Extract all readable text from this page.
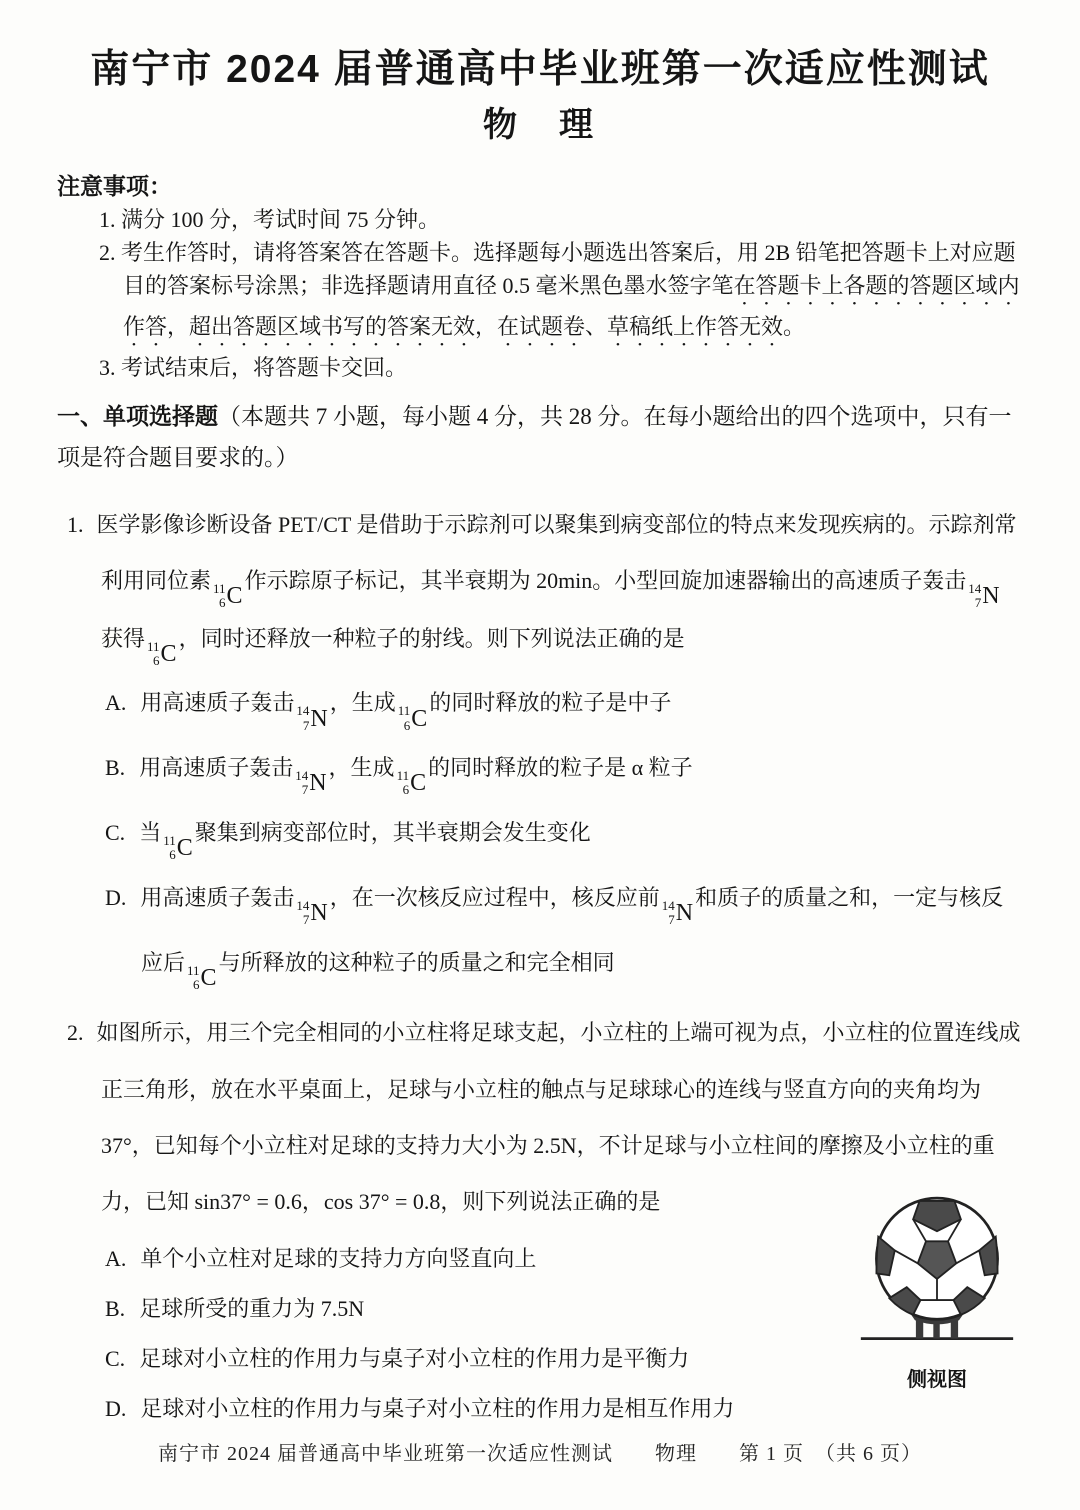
南宁市 2024 届普通高中毕业班第一次适应性测试
物　理
注意事项：
1. 满分 100 分，考试时间 75 分钟。
2. 考生作答时，请将答案答在答题卡。选择题每小题选出答案后，用 2B 铅笔把答题卡上对应题目的答案标号涂黑；非选择题请用直径 0.5 毫米黑色墨水签字笔在答题卡上各题的答题区域内作答，超出答题区域书写的答案无效，在试题卷、草稿纸上作答无效。
3. 考试结束后，将答题卡交回。
一、单项选择题（本题共 7 小题，每小题 4 分，共 28 分。在每小题给出的四个选项中，只有一项是符合题目要求的。）
1. 医学影像诊断设备 PET/CT 是借助于示踪剂可以聚集到病变部位的特点来发现疾病的。示踪剂常利用同位素 11
6 C
作示踪原子标记，其半衰期为 20min。小型回旋加速器输出的高速质子轰击 14
7 N
获得 11
6 C
，同时还释放一种粒子的射线。则下列说法正确的是
A. 用高速质子轰击 14
7 N
，生成 11
6 C
的同时释放的粒子是中子
B. 用高速质子轰击 14
7 N
，生成 11
6 C
的同时释放的粒子是 α 粒子
C. 当 11
6 C
聚集到病变部位时，其半衰期会发生变化
D. 用高速质子轰击 14
7 N
，在一次核反应过程中，核反应前 14
7 N
和质子的质量之和，一定与核反应后 11
6 C
与所释放的这种粒子的质量之和完全相同
2. 如图所示，用三个完全相同的小立柱将足球支起，小立柱的上端可视为点，小立柱的位置连线成正三角形，放在水平桌面上，足球与小立柱的触点与足球球心的连线与竖直方向的夹角均为 37°，已知每个小立柱对足球的支持力大小为 2.5N，不计足球与小立柱间的摩擦及小立柱的重力，已知 sin37° = 0.6，cos 37° = 0.8，则下列说法正确的是
A. 单个小立柱对足球的支持力方向竖直向上
B. 足球所受的重力为 7.5N
C. 足球对小立柱的作用力与桌子对小立柱的作用力是平衡力
D. 足球对小立柱的作用力与桌子对小立柱的作用力是相互作用力
侧视图
南宁市 2024 届普通高中毕业班第一次适应性测试　　物理　　第 1 页　（共 6 页）
